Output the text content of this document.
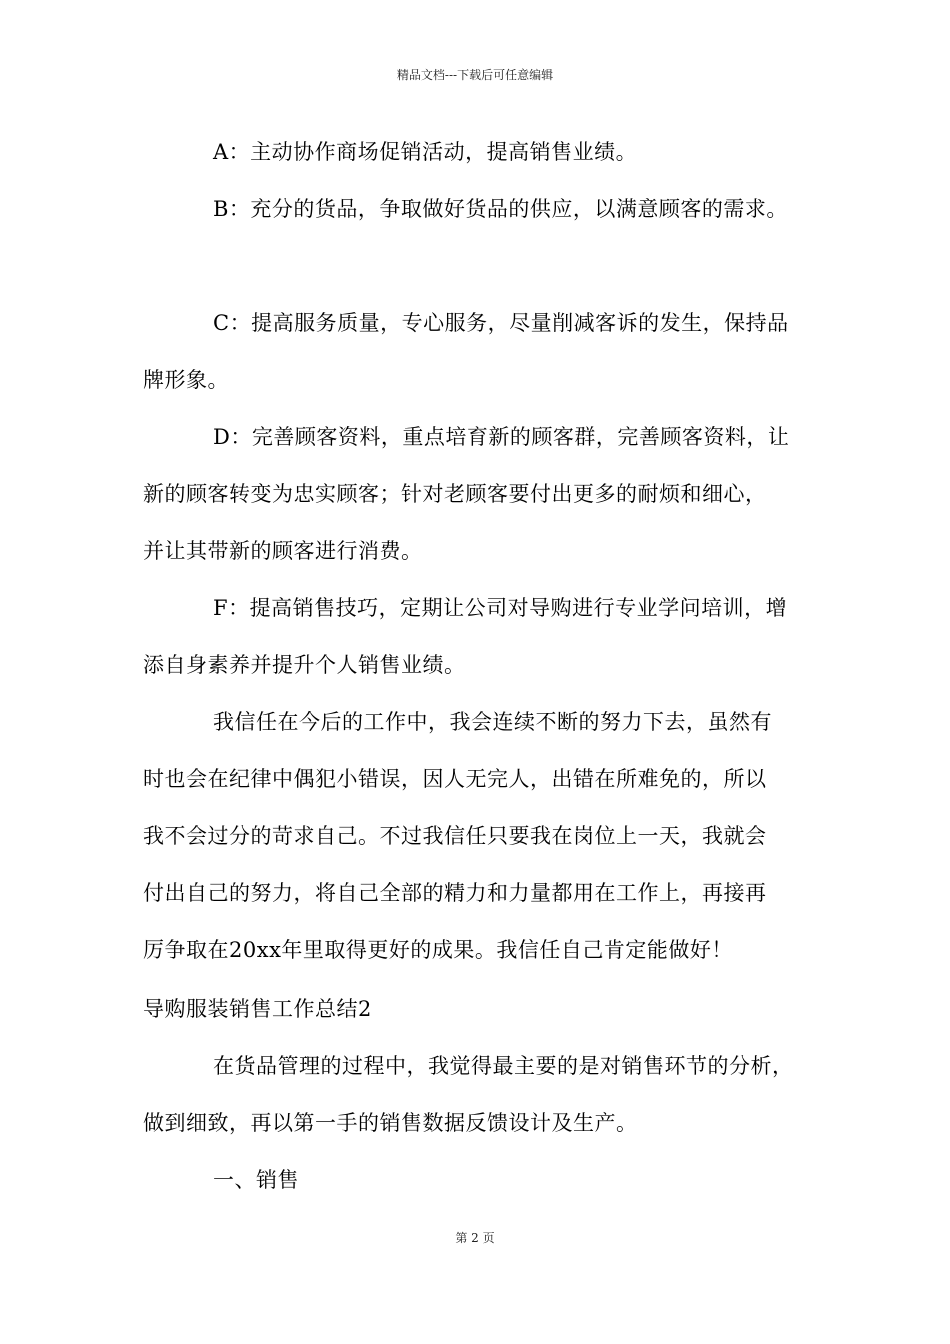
精品文档---下载后可任意编辑
A：主动协作商场促销活动，提高销售业绩。
B：充分的货品，争取做好货品的供应，以满意顾客的需求。
C：提高服务质量，专心服务，尽量削减客诉的发生，保持品
牌形象。
D：完善顾客资料，重点培育新的顾客群，完善顾客资料，让
新的顾客转变为忠实顾客；针对老顾客要付出更多的耐烦和细心，
并让其带新的顾客进行消费。
F：提高销售技巧，定期让公司对导购进行专业学问培训，增
添自身素养并提升个人销售业绩。
我信任在今后的工作中，我会连续不断的努力下去，虽然有
时也会在纪律中偶犯小错误，因人无完人，出错在所难免的，所以
我不会过分的苛求自己。不过我信任只要我在岗位上一天，我就会
付出自己的努力，将自己全部的精力和力量都用在工作上，再接再
厉争取在20xx年里取得更好的成果。我信任自己肯定能做好！
导购服装销售工作总结2
在货品管理的过程中，我觉得最主要的是对销售环节的分析，
做到细致，再以第一手的销售数据反馈设计及生产。
一、销售
第 2 页
